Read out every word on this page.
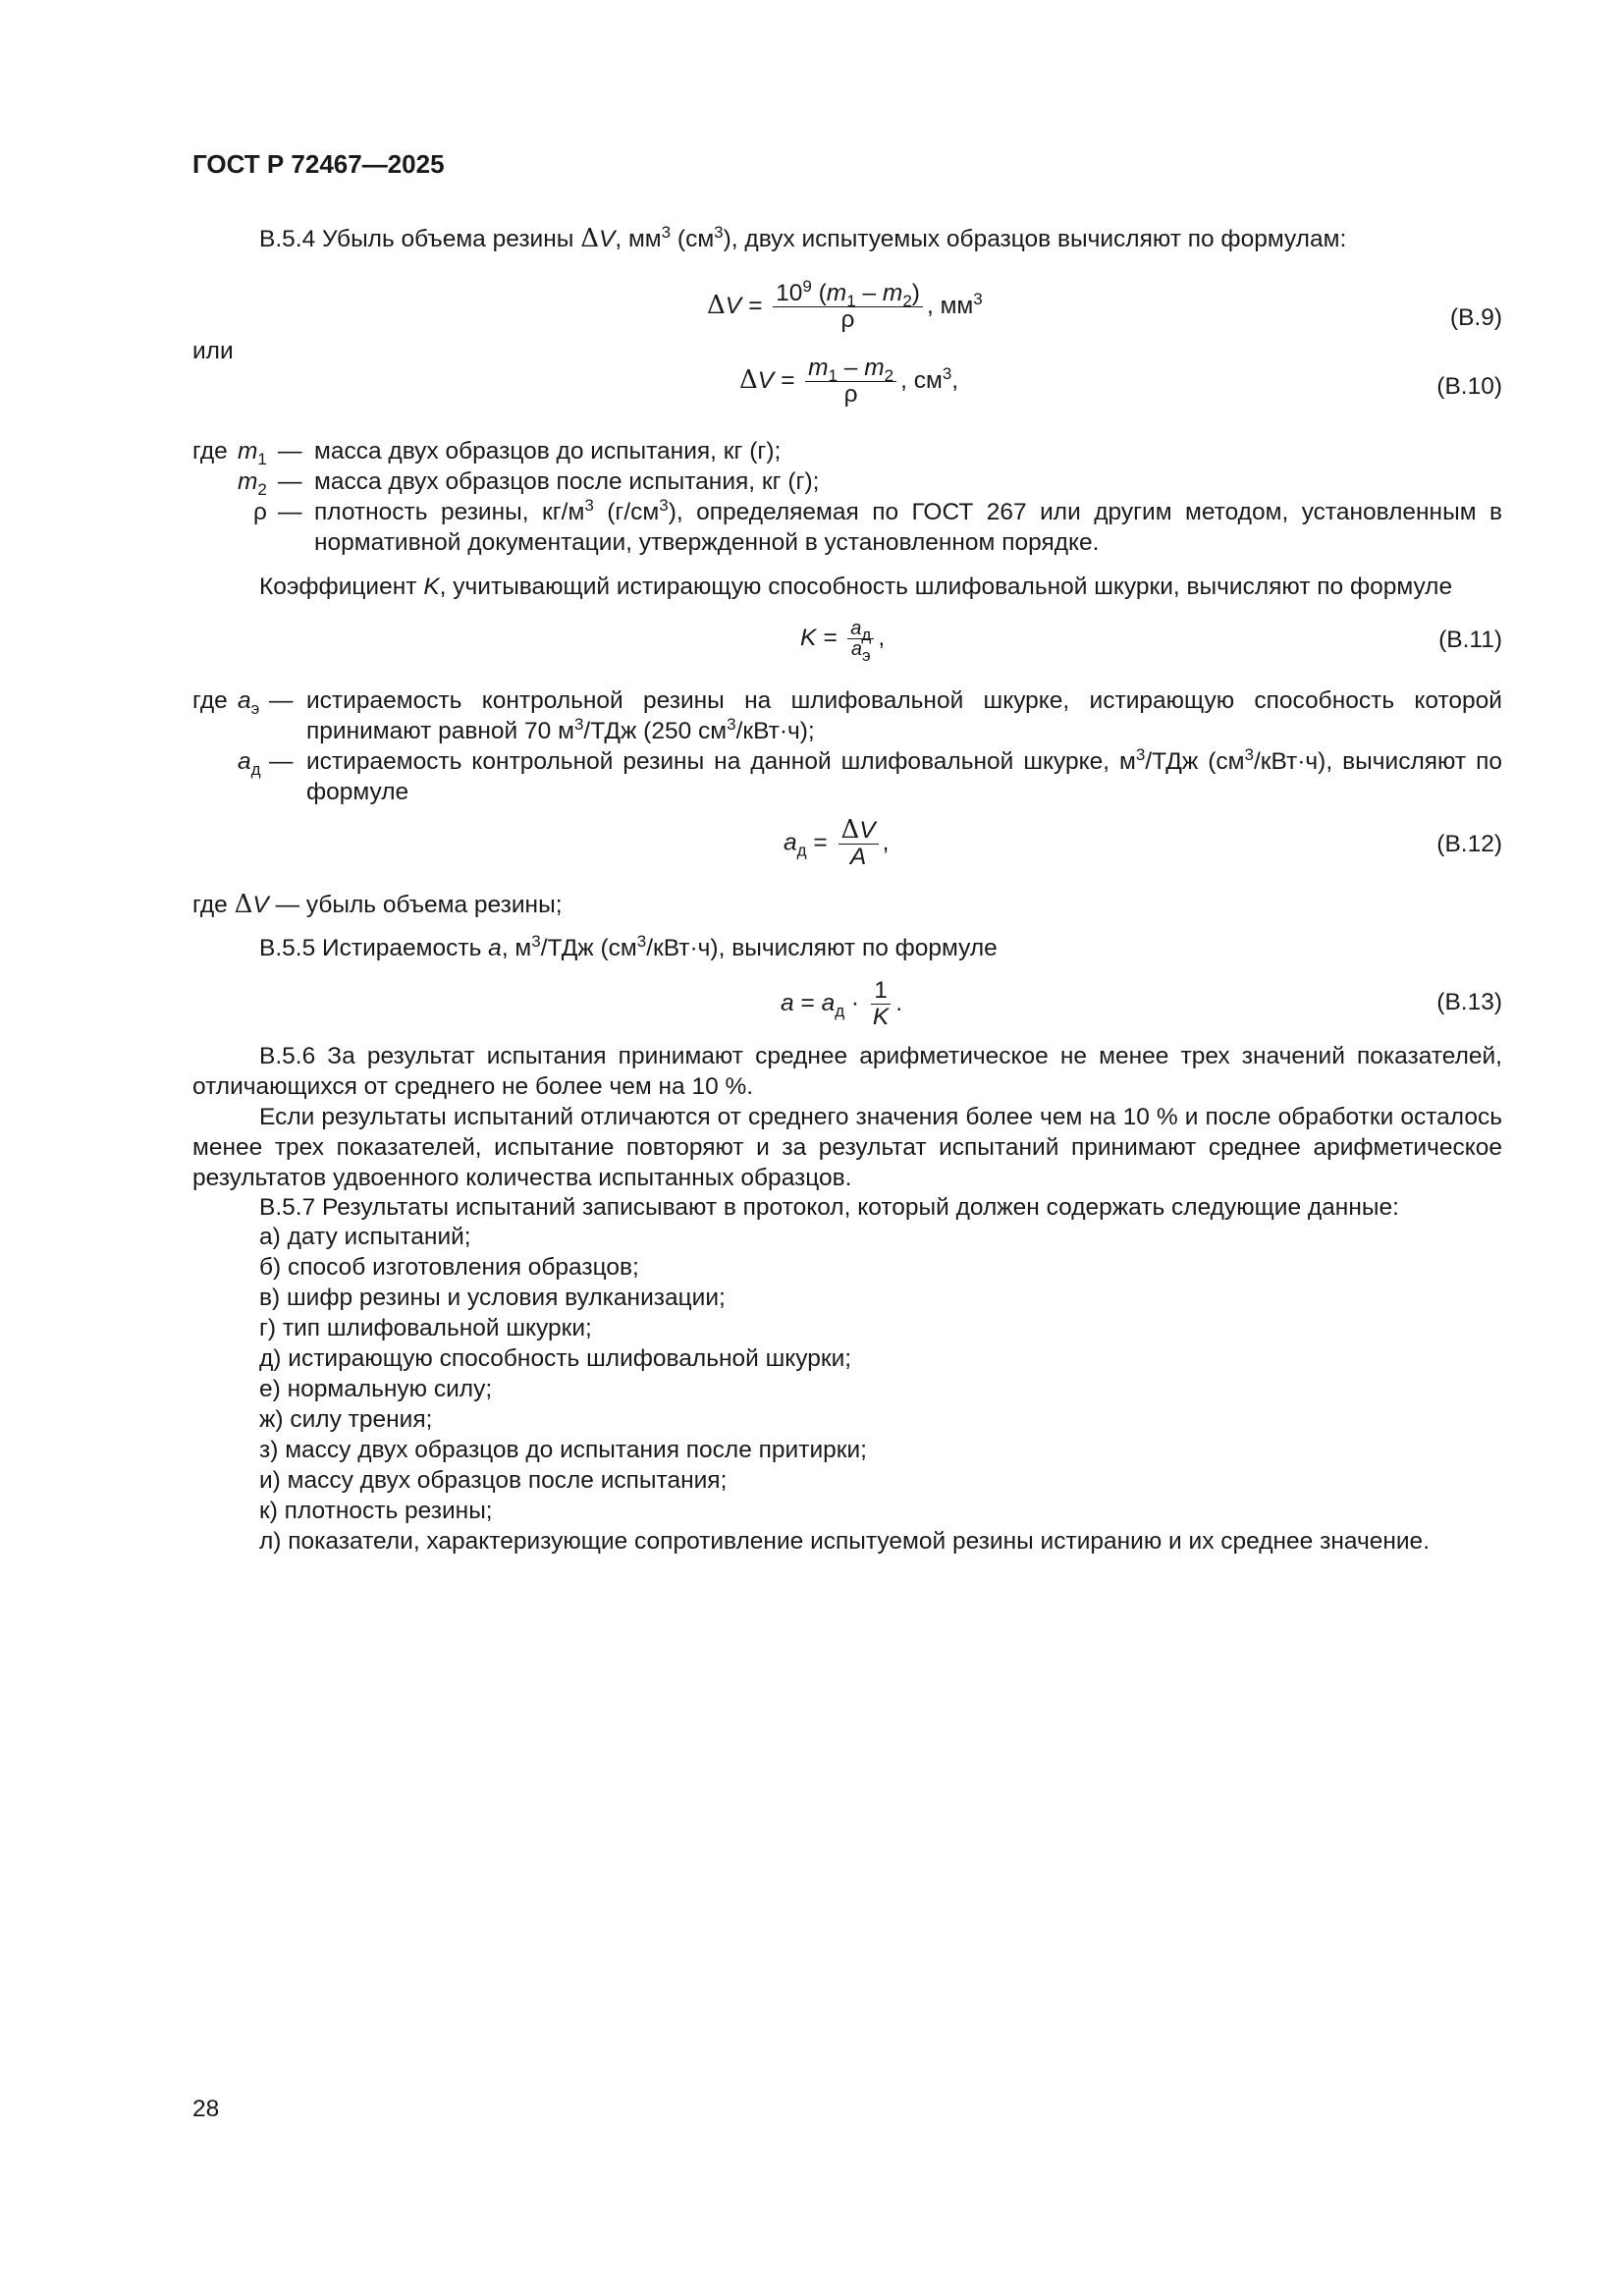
ГОСТ Р 72467—2025
В.5.4 Убыль объема резины ΔV, $мм^3$ $(см^3)$, двух испытуемых образцов вычисляют по формулам:
$\Delta V = \frac{10^9 (m_1 - m_2)}{\rho}$ , $мм^3$
(В.9)
или
$\Delta V = \frac{m_1 - m_2}{\rho}$ , $см^3$,	(В.10)
где $m_1$ — масса двух образцов до испытания, кг (г);
$m_2$ — масса двух образцов после испытания, кг (г);
ρ — плотность резины, $кг/м^3$ $(г/см^3)$, определяемая по ГОСТ 267 или другим методом, установленным в нормативной документации, утвержденной в установленном порядке.
Коэффициент K, учитывающий истирающую способность шлифовальной шкурки, вычисляют по формуле
$K = \frac{a_д}{a_э}$ ,	(В.11)
где $a_э$ — истираемость контрольной резины на шлифовальной шкурке, истирающую способность которой принимают равной 70 $м^3$/ТДж (250 $см^3/кВт\cdot ч$);
$a_д$ — истираемость контрольной резины на данной шлифовальной шкурке, $м^3$/ТДж $(см^3/кВт\cdot ч)$, вычисляют по формуле
$a_д = \frac{\Delta V}{A}$ ,	(В.12)
где ΔV — убыль объема резины;
В.5.5 Истираемость a, $м^3$/ТДж $(см^3/кВт\cdot ч)$, вычисляют по формуле
$a = a_д \cdot \frac{1}{K}$ .	(В.13)
В.5.6 За результат испытания принимают среднее арифметическое не менее трех значений показателей, отличающихся от среднего не более чем на 10 %.
Если результаты испытаний отличаются от среднего значения более чем на 10 % и после обработки осталось менее трех показателей, испытание повторяют и за результат испытаний принимают среднее арифметическое результатов удвоенного количества испытанных образцов.
В.5.7 Результаты испытаний записывают в протокол, который должен содержать следующие данные:
а) дату испытаний;
б) способ изготовления образцов;
в) шифр резины и условия вулканизации;
г) тип шлифовальной шкурки;
д) истирающую способность шлифовальной шкурки;
е) нормальную силу;
ж) силу трения;
з) массу двух образцов до испытания после притирки;
и) массу двух образцов после испытания;
к) плотность резины;
л) показатели, характеризующие сопротивление испытуемой резины истиранию и их среднее значение.
28
